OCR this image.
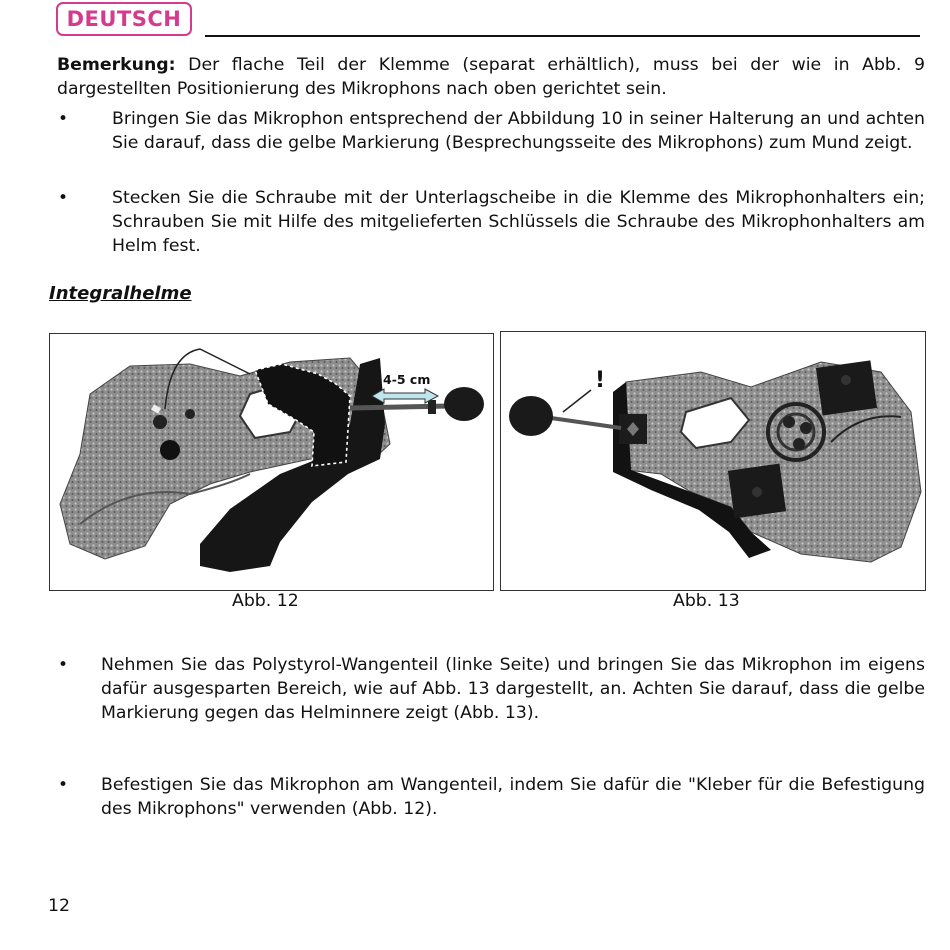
DEUTSCH
Bemerkung: Der flache Teil der Klemme (separat erhältlich), muss bei der wie in Abb. 9 dargestellten Positionierung des Mikrophons nach oben gerichtet sein.
•	Bringen Sie das Mikrophon entsprechend der Abbildung 10 in seiner Halterung an und achten Sie darauf, dass die gelbe Markierung (Besprechungsseite des Mikrophons) zum Mund zeigt.
•	Stecken Sie die Schraube mit der Unterlagscheibe in die Klemme des Mikrophonhalters ein; Schrauben Sie mit Hilfe des mitgelieferten Schlüssels die Schraube des Mikrophonhalters am Helm fest.
Integralhelme
4-5 cm	!
Abb. 12	Abb. 13
• Nehmen Sie das Polystyrol-Wangenteil (linke Seite) und bringen Sie das Mikrophon im eigens dafür ausgesparten Bereich, wie auf Abb. 13 dargestellt, an. Achten Sie darauf, dass die gelbe Markierung gegen das Helminnere zeigt (Abb. 13).
• Befestigen Sie das Mikrophon am Wangenteil, indem Sie dafür die "Kleber für die Befestigung des Mikrophons" verwenden (Abb. 12).
12
